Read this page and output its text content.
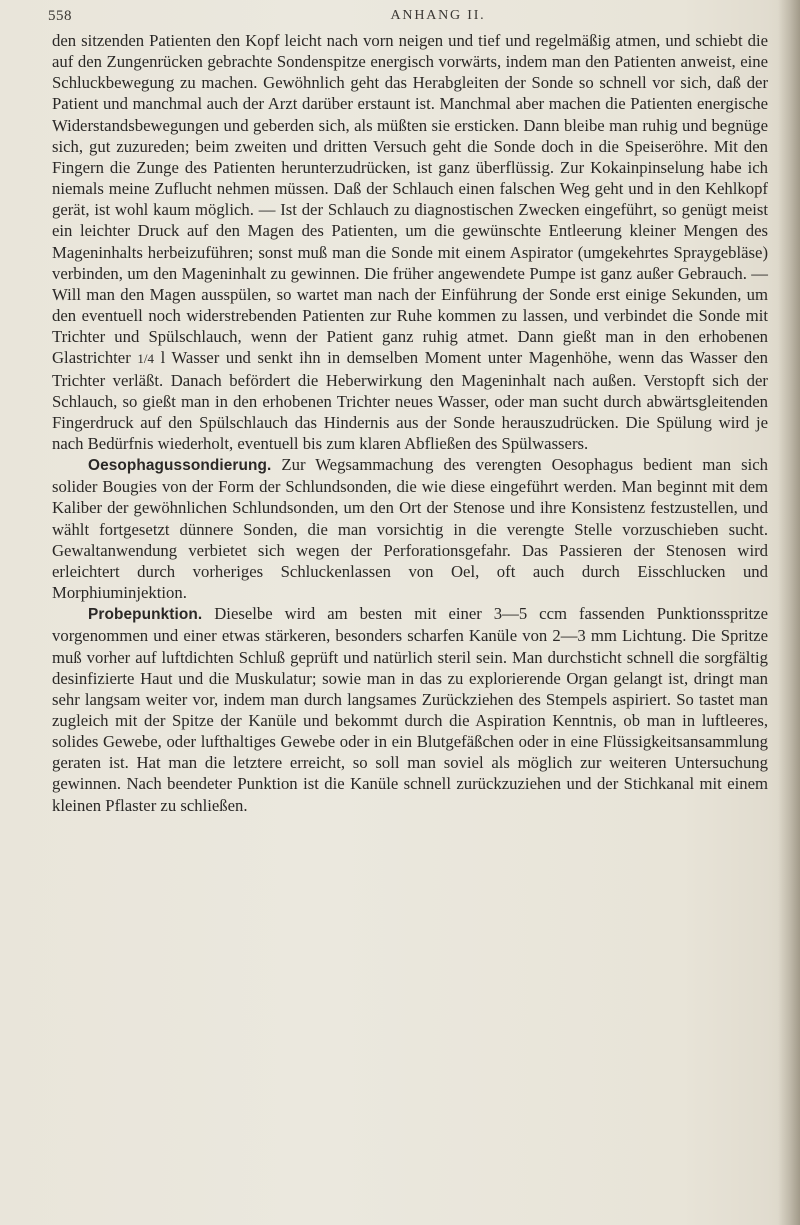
558	ANHANG II.

den sitzenden Patienten den Kopf leicht nach vorn neigen und tief und regelmäßig atmen, und schiebt die auf den Zungenrücken gebrachte Sondenspitze energisch vorwärts, indem man den Patienten anweist, eine Schluckbewegung zu machen. Gewöhnlich geht das Herabgleiten der Sonde so schnell vor sich, daß der Patient und manchmal auch der Arzt darüber erstaunt ist. Manchmal aber machen die Patienten energische Widerstandsbewegungen und geberden sich, als müßten sie ersticken. Dann bleibe man ruhig und begnüge sich, gut zuzureden; beim zweiten und dritten Versuch geht die Sonde doch in die Speiseröhre. Mit den Fingern die Zunge des Patienten herunterzudrücken, ist ganz überflüssig. Zur Kokainpinselung habe ich niemals meine Zuflucht nehmen müssen. Daß der Schlauch einen falschen Weg geht und in den Kehlkopf gerät, ist wohl kaum möglich. — Ist der Schlauch zu diagnostischen Zwecken eingeführt, so genügt meist ein leichter Druck auf den Magen des Patienten, um die gewünschte Entleerung kleiner Mengen des Mageninhalts herbeizuführen; sonst muß man die Sonde mit einem Aspirator (umgekehrtes Spraygebläse) verbinden, um den Mageninhalt zu gewinnen. Die früher angewendete Pumpe ist ganz außer Gebrauch. — Will man den Magen ausspülen, so wartet man nach der Einführung der Sonde erst einige Sekunden, um den eventuell noch widerstrebenden Patienten zur Ruhe kommen zu lassen, und verbindet die Sonde mit Trichter und Spülschlauch, wenn der Patient ganz ruhig atmet. Dann gießt man in den erhobenen Glastrichter 1/4 l Wasser und senkt ihn in demselben Moment unter Magenhöhe, wenn das Wasser den Trichter verläßt. Danach befördert die Heberwirkung den Mageninhalt nach außen. Verstopft sich der Schlauch, so gießt man in den erhobenen Trichter neues Wasser, oder man sucht durch abwärtsgleitenden Fingerdruck auf den Spülschlauch das Hindernis aus der Sonde herauszudrücken. Die Spülung wird je nach Bedürfnis wiederholt, eventuell bis zum klaren Abfließen des Spülwassers.

Oesophagussondierung. Zur Wegsammachung des verengten Oesophagus bedient man sich solider Bougies von der Form der Schlundsonden, die wie diese eingeführt werden. Man beginnt mit dem Kaliber der gewöhnlichen Schlundsonden, um den Ort der Stenose und ihre Konsistenz festzustellen, und wählt fortgesetzt dünnere Sonden, die man vorsichtig in die verengte Stelle vorzuschieben sucht. Gewaltanwendung verbietet sich wegen der Perforationsgefahr. Das Passieren der Stenosen wird erleichtert durch vorheriges Schluckenlassen von Oel, oft auch durch Eisschlucken und Morphiuminjektion.

Probepunktion. Dieselbe wird am besten mit einer 3—5 ccm fassenden Punktionsspritze vorgenommen und einer etwas stärkeren, besonders scharfen Kanüle von 2—3 mm Lichtung. Die Spritze muß vorher auf luftdichten Schluß geprüft und natürlich steril sein. Man durchsticht schnell die sorgfältig desinfizierte Haut und die Muskulatur; sowie man in das zu explorierende Organ gelangt ist, dringt man sehr langsam weiter vor, indem man durch langsames Zurückziehen des Stempels aspiriert. So tastet man zugleich mit der Spitze der Kanüle und bekommt durch die Aspiration Kenntnis, ob man in luftleeres, solides Gewebe, oder lufthaltiges Gewebe oder in ein Blutgefäßchen oder in eine Flüssigkeitsansammlung geraten ist. Hat man die letztere erreicht, so soll man soviel als möglich zur weiteren Untersuchung gewinnen. Nach beendeter Punktion ist die Kanüle schnell zurückzuziehen und der Stichkanal mit einem kleinen Pflaster zu schließen.
